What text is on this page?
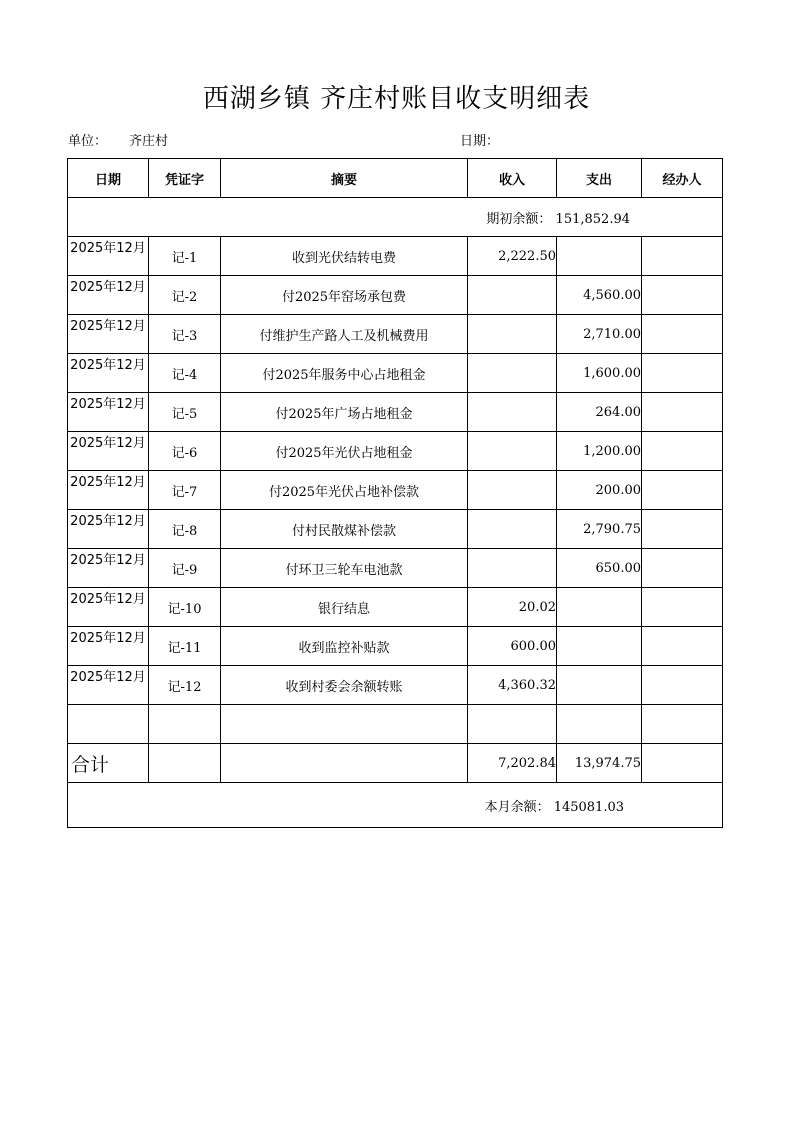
西湖乡镇 齐庄村账目收支明细表
单位： 齐庄村	日期：
日期	凭证字	摘要	收入	支出	经办人
期初余额： 151,852.94					
2025年12月	记-1	收到光伏结转电费	2,222.50		
2025年12月	记-2	付2025年窑场承包费		4,560.00	
2025年12月	记-3	付维护生产路人工及机械费用		2,710.00	
2025年12月	记-4	付2025年服务中心占地租金		1,600.00	
2025年12月	记-5	付2025年广场占地租金		264.00	
2025年12月	记-6	付2025年光伏占地租金		1,200.00	
2025年12月	记-7	付2025年光伏占地补偿款		200.00	
2025年12月	记-8	付村民散煤补偿款		2,790.75	
2025年12月	记-9	付环卫三轮车电池款		650.00	
2025年12月	记-10	银行结息	20.02		
2025年12月	记-11	收到监控补贴款	600.00		
2025年12月	记-12	收到村委会余额转账	4,360.32		

合计			7,202.84	13,974.75	
本月余额： 145081.03					
